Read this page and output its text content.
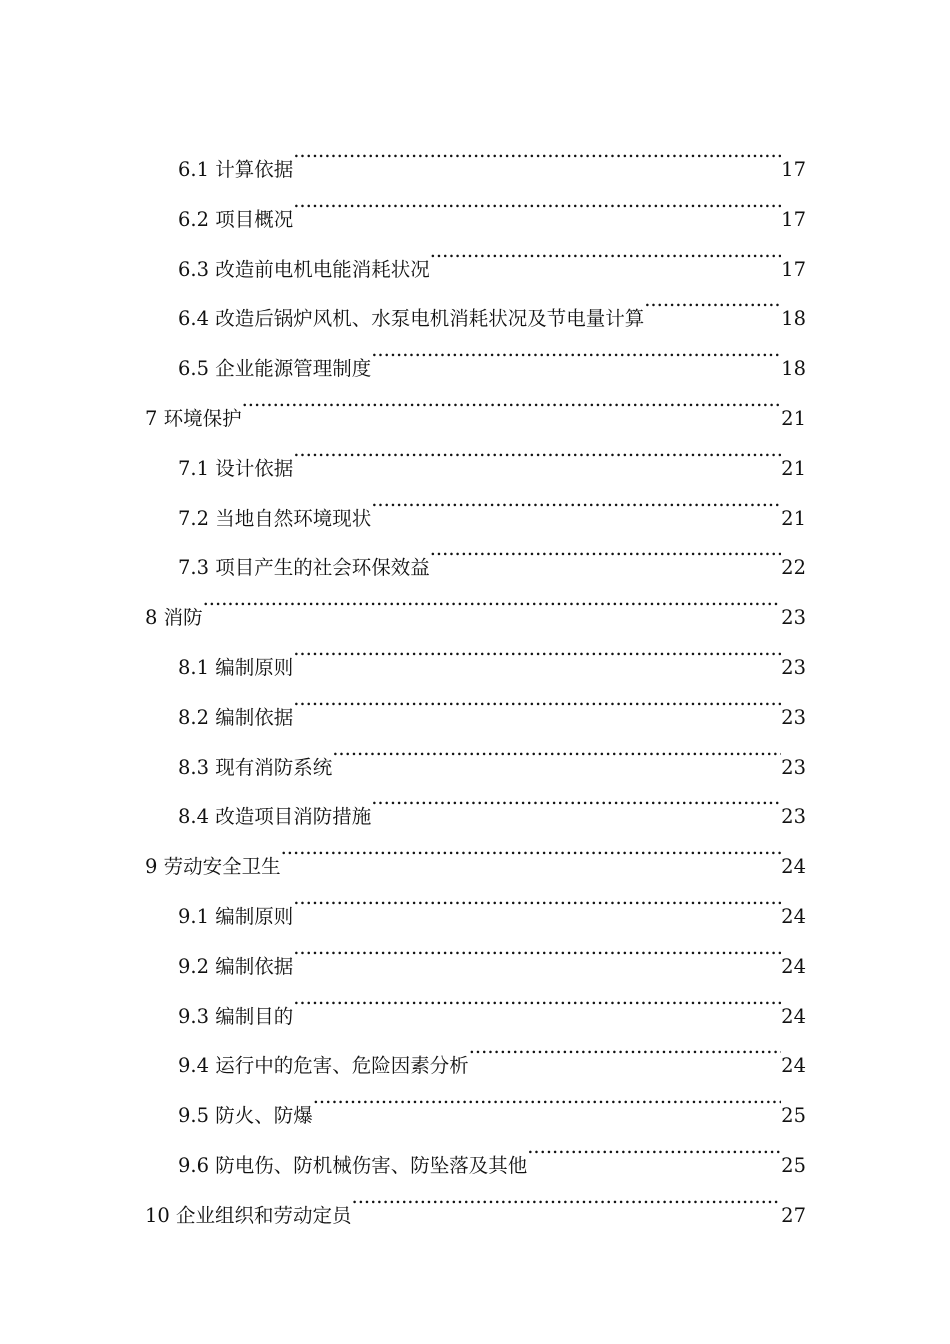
6.1 计算依据 .....	17
6.2 项目概况 .....	17
6.3 改造前电机电能消耗状况 .....	17
6.4 改造后锅炉风机、水泵电机消耗状况及节电量计算 .....	18
6.5 企业能源管理制度 .....	18
7 环境保护 .....	21
7.1 设计依据 .....	21
7.2 当地自然环境现状 .....	21
7.3 项目产生的社会环保效益 .....	22
8 消防 .....	23
8.1 编制原则 .....	23
8.2 编制依据 .....	23
8.3 现有消防系统 .....	23
8.4 改造项目消防措施 .....	23
9 劳动安全卫生 .....	24
9.1 编制原则 .....	24
9.2 编制依据 .....	24
9.3 编制目的 .....	24
9.4 运行中的危害、危险因素分析 .....	24
9.5 防火、防爆 .....	25
9.6 防电伤、防机械伤害、防坠落及其他 .....	25
10 企业组织和劳动定员 .....	27
